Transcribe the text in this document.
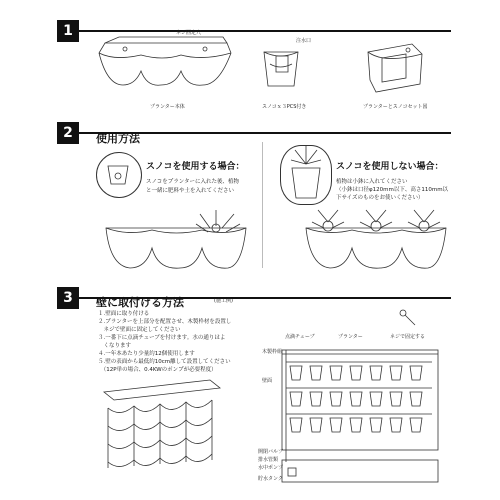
1	ネジ固定穴
プランター本体
注水口
スノコｘ３PCS付き	プランターとスノコセット図
2	使用方法
スノコを使用する場合：
スノコをプランターに入れた後、植物
と一緒に肥料や土を入れてください
スノコを使用しない場合：
植物は小鉢に入れてください
（小鉢は口径φ120mm以下、高さ110mm以
下サイズのものをお使いください）
3	壁に取付ける方法	(施工例)
１.壁面に取り付ける
２.プランターを上部分を配置させ、木製枠材を設置し
　ネジで壁面に固定してください
３.一番下に点滴チューブを付けます。水の通りはよ
　くなります
４.一年本あたり少量約12個使用します
５.壁の表面から最低約10cm離して設置してください
　（12P単の場合、0.4KWのポンプが必要程度）
点滴チューブ	プランター	ネジで固定する
木製枠組
壁面
開閉バルブ
排水管類
水中ポンプ
貯水タンク
